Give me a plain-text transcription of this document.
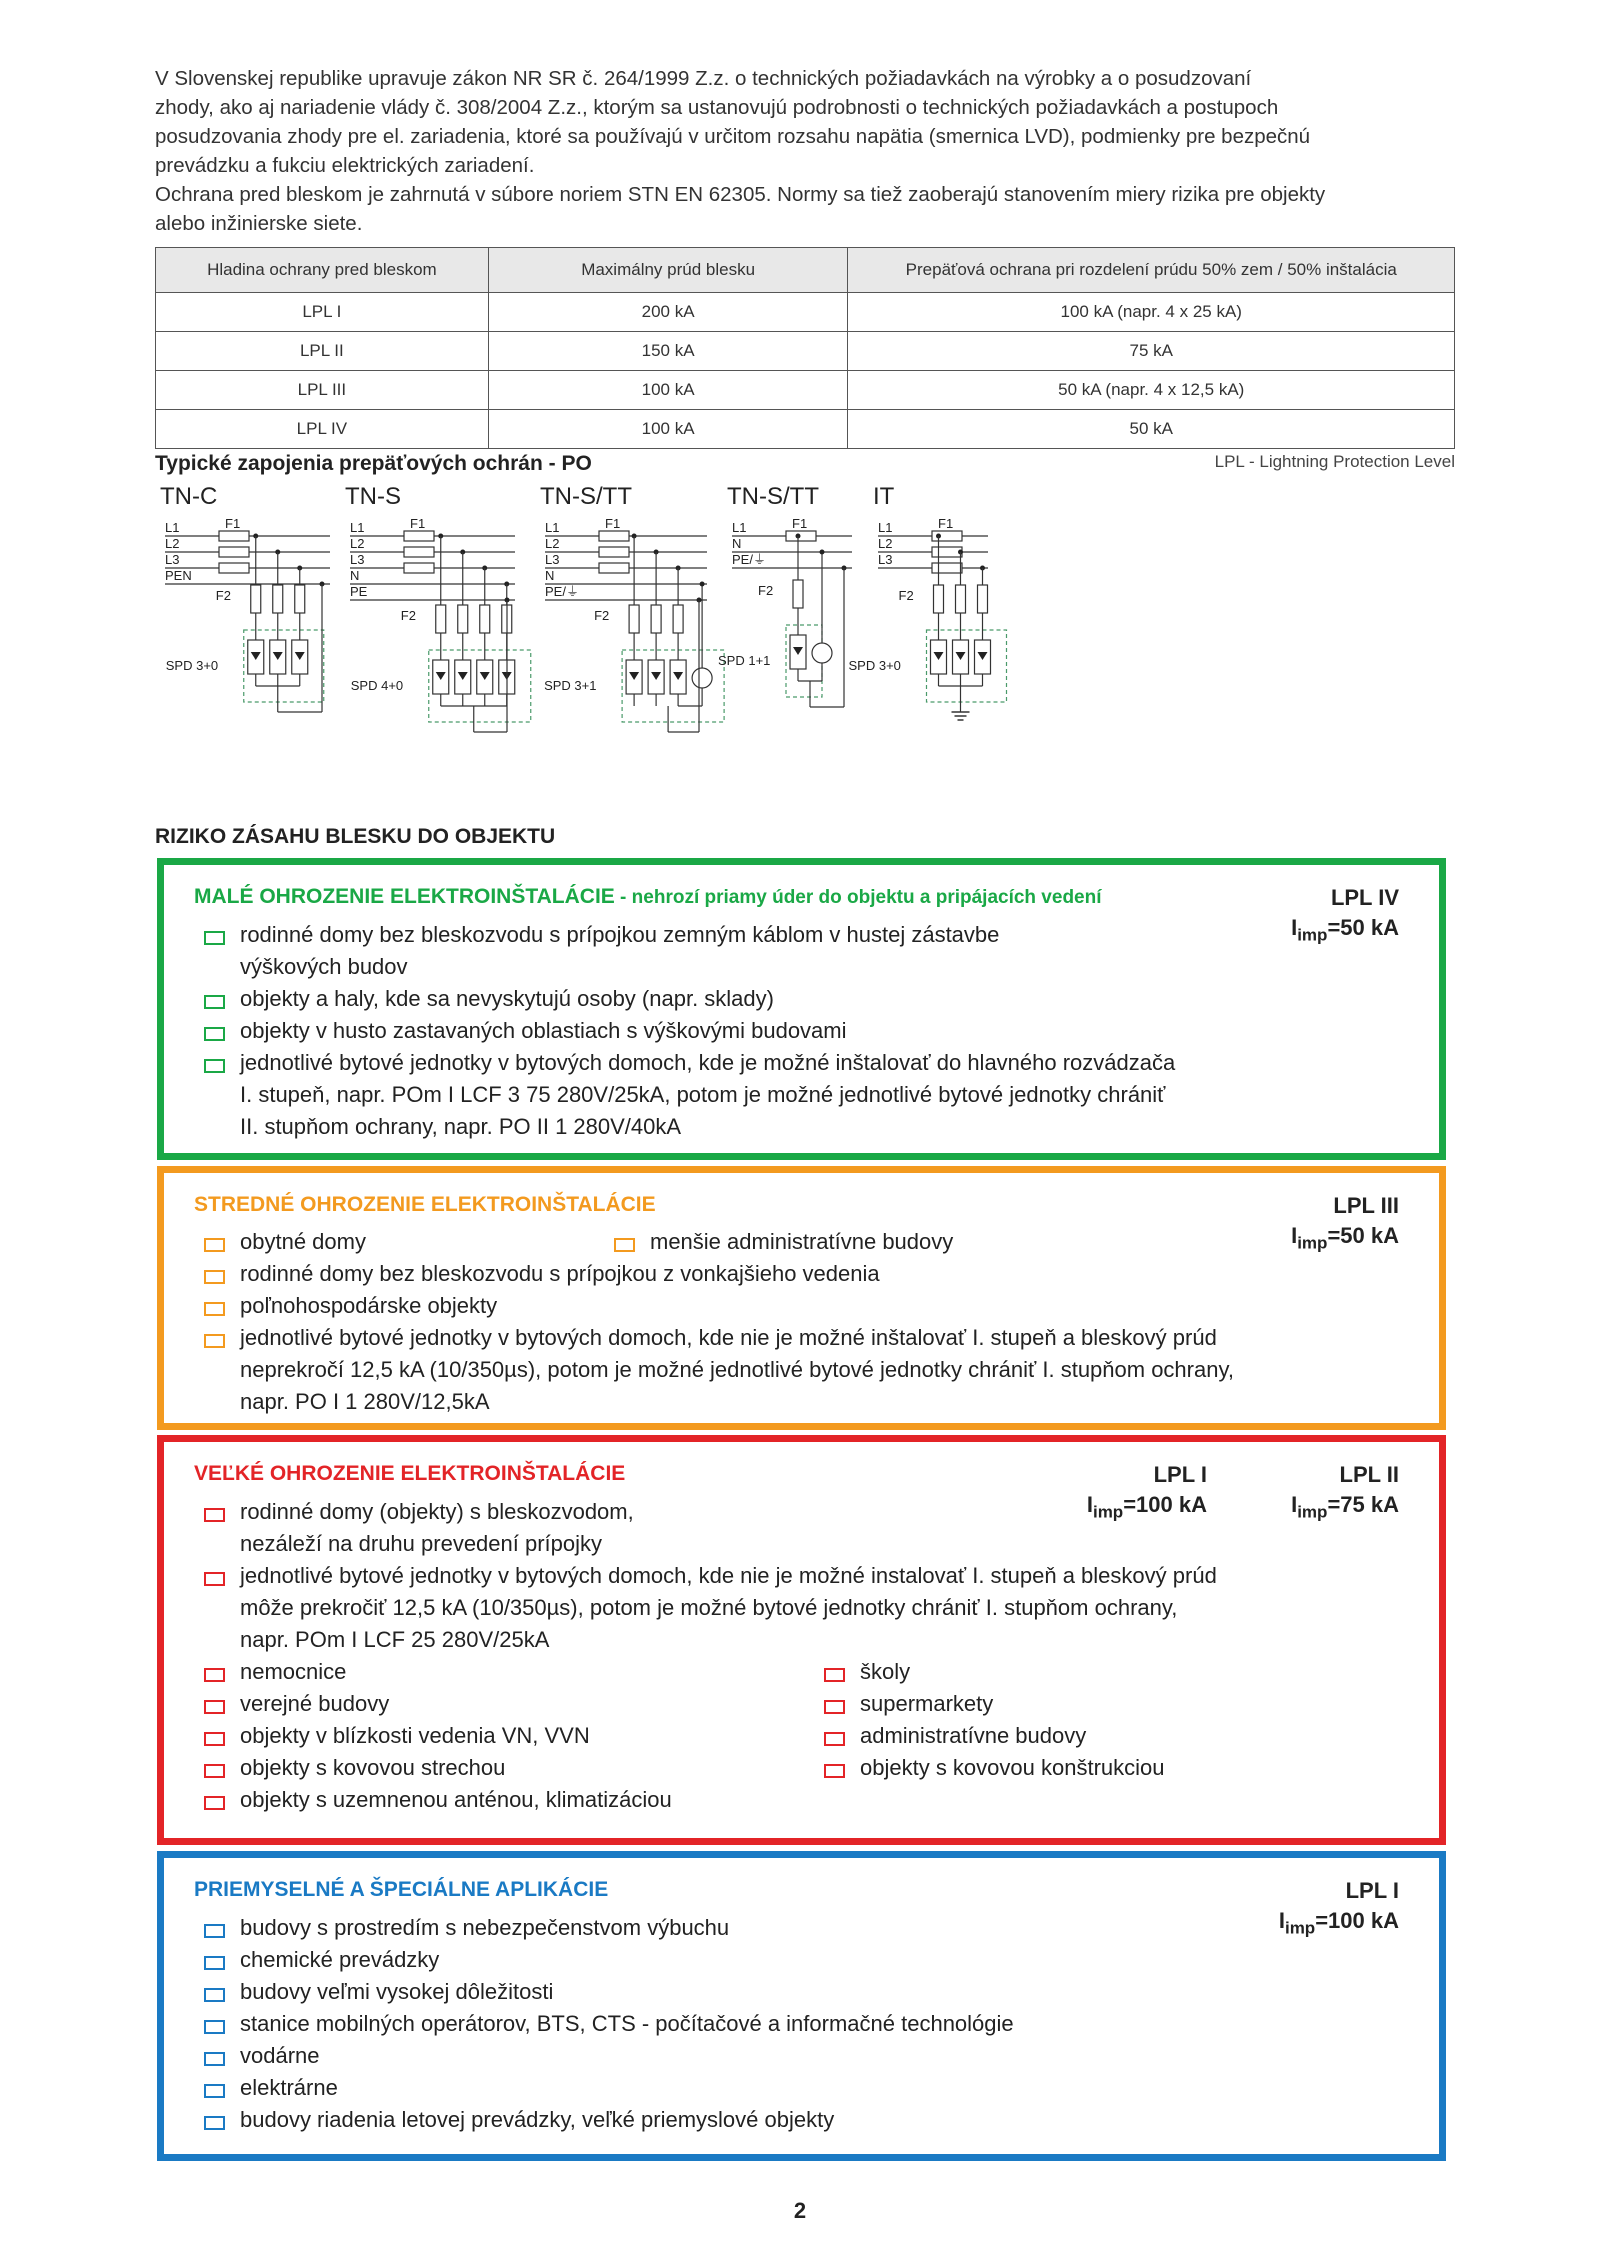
V Slovenskej republike upravuje zákon NR SR č. 264/1999 Z.z. o technických požiadavkách na výrobky a o posudzovaní

zhody, ako aj nariadenie vlády č. 308/2004 Z.z., ktorým sa ustanovujú podrobnosti o technických požiadavkách a postupoch

posudzovania zhody pre el. zariadenia, ktoré sa používajú v určitom rozsahu napätia (smernica LVD), podmienky pre bezpečnú

prevádzku a fukciu elektrických zariadení.

Ochrana pred bleskom je zahrnutá v súbore noriem STN EN 62305. Normy sa tiež zaoberajú stanovením miery rizika pre objekty

alebo inžinierske siete.

Hladina ochrany pred bleskom	Maximálny prúd blesku	Prepäťová ochrana pri rozdelení prúdu 50% zem / 50% inštalácia
LPL I	200 kA	100 kA (napr. 4 x 25 kA)
LPL II	150 kA	75 kA
LPL III	100 kA	50 kA (napr. 4 x 12,5 kA)
LPL IV	100 kA	50 kA
Typické zapojenia prepäťových ochrán - PO	LPL - Lightning Protection Level
TN-C
L1
L2
L3
PEN
F1
F2
SPD 3+0
TN-S
L1
L2
L3
N
PE
F1
F2
SPD 4+0
TN-S/TT
L1
L2
L3
N
PE/⏚
F1
F2
SPD 3+1
TN-S/TT
L1
N
PE/⏚
F1
F2
SPD 1+1
IT
L1
L2
L3
F1
F2
SPD 3+0
RIZIKO ZÁSAHU BLESKU DO OBJEKTU
MALÉ OHROZENIE ELEKTROINŠTALÁCIE - nehrozí priamy úder do objektu a pripájacích vedení	LPL IV
$I_{imp}=50$ kA
rodinné domy bez bleskozvodu s prípojkou zemným káblom v hustej zástavbe
výškových budov
objekty a haly, kde sa nevyskytujú osoby (napr. sklady)
objekty v husto zastavaných oblastiach s výškovými budovami
jednotlivé bytové jednotky v bytových domoch, kde je možné inštalovať do hlavného rozvádzača
I. stupeň, napr. POm I LCF 3 75 280V/25kA, potom je možné jednotlivé bytové jednotky chrániť
II. stupňom ochrany, napr. PO II 1 280V/40kA
STREDNÉ OHROZENIE ELEKTROINŠTALÁCIE	LPL III
$I_{imp}=50$ kA
obytné domy	menšie administratívne budovy
rodinné domy bez bleskozvodu s prípojkou z vonkajšieho vedenia
poľnohospodárske objekty
jednotlivé bytové jednotky v bytových domoch, kde nie je možné inštalovať I. stupeň a bleskový prúd
neprekročí 12,5 kA (10/350µs), potom je možné jednotlivé bytové jednotky chrániť I. stupňom ochrany,
napr. PO I 1 280V/12,5kA
VEĽKÉ OHROZENIE ELEKTROINŠTALÁCIE	LPL I
$I_{imp}=100$ kA
LPL II
$I_{imp}=75$ kA
rodinné domy (objekty) s bleskozvodom,
nezáleží na druhu prevedení prípojky
jednotlivé bytové jednotky v bytových domoch, kde nie je možné instalovať I. stupeň a bleskový prúd
môže prekročiť 12,5 kA (10/350µs), potom je možné bytové jednotky chrániť I. stupňom ochrany,
napr. POm I LCF 25 280V/25kA
nemocnice
verejné budovy
objekty v blízkosti vedenia VN, VVN
objekty s kovovou strechou
objekty s uzemnenou anténou, klimatizáciou
školy
supermarkety
administratívne budovy
objekty s kovovou konštrukciou
PRIEMYSELNÉ A ŠPECIÁLNE APLIKÁCIE	LPL I
$I_{imp}=100$ kA
budovy s prostredím s nebezpečenstvom výbuchu
chemické prevádzky
budovy veľmi vysokej dôležitosti
stanice mobilných operátorov, BTS, CTS - počítačové a informačné technológie
vodárne
elektrárne
budovy riadenia letovej prevádzky, veľké priemyslové objekty
2
